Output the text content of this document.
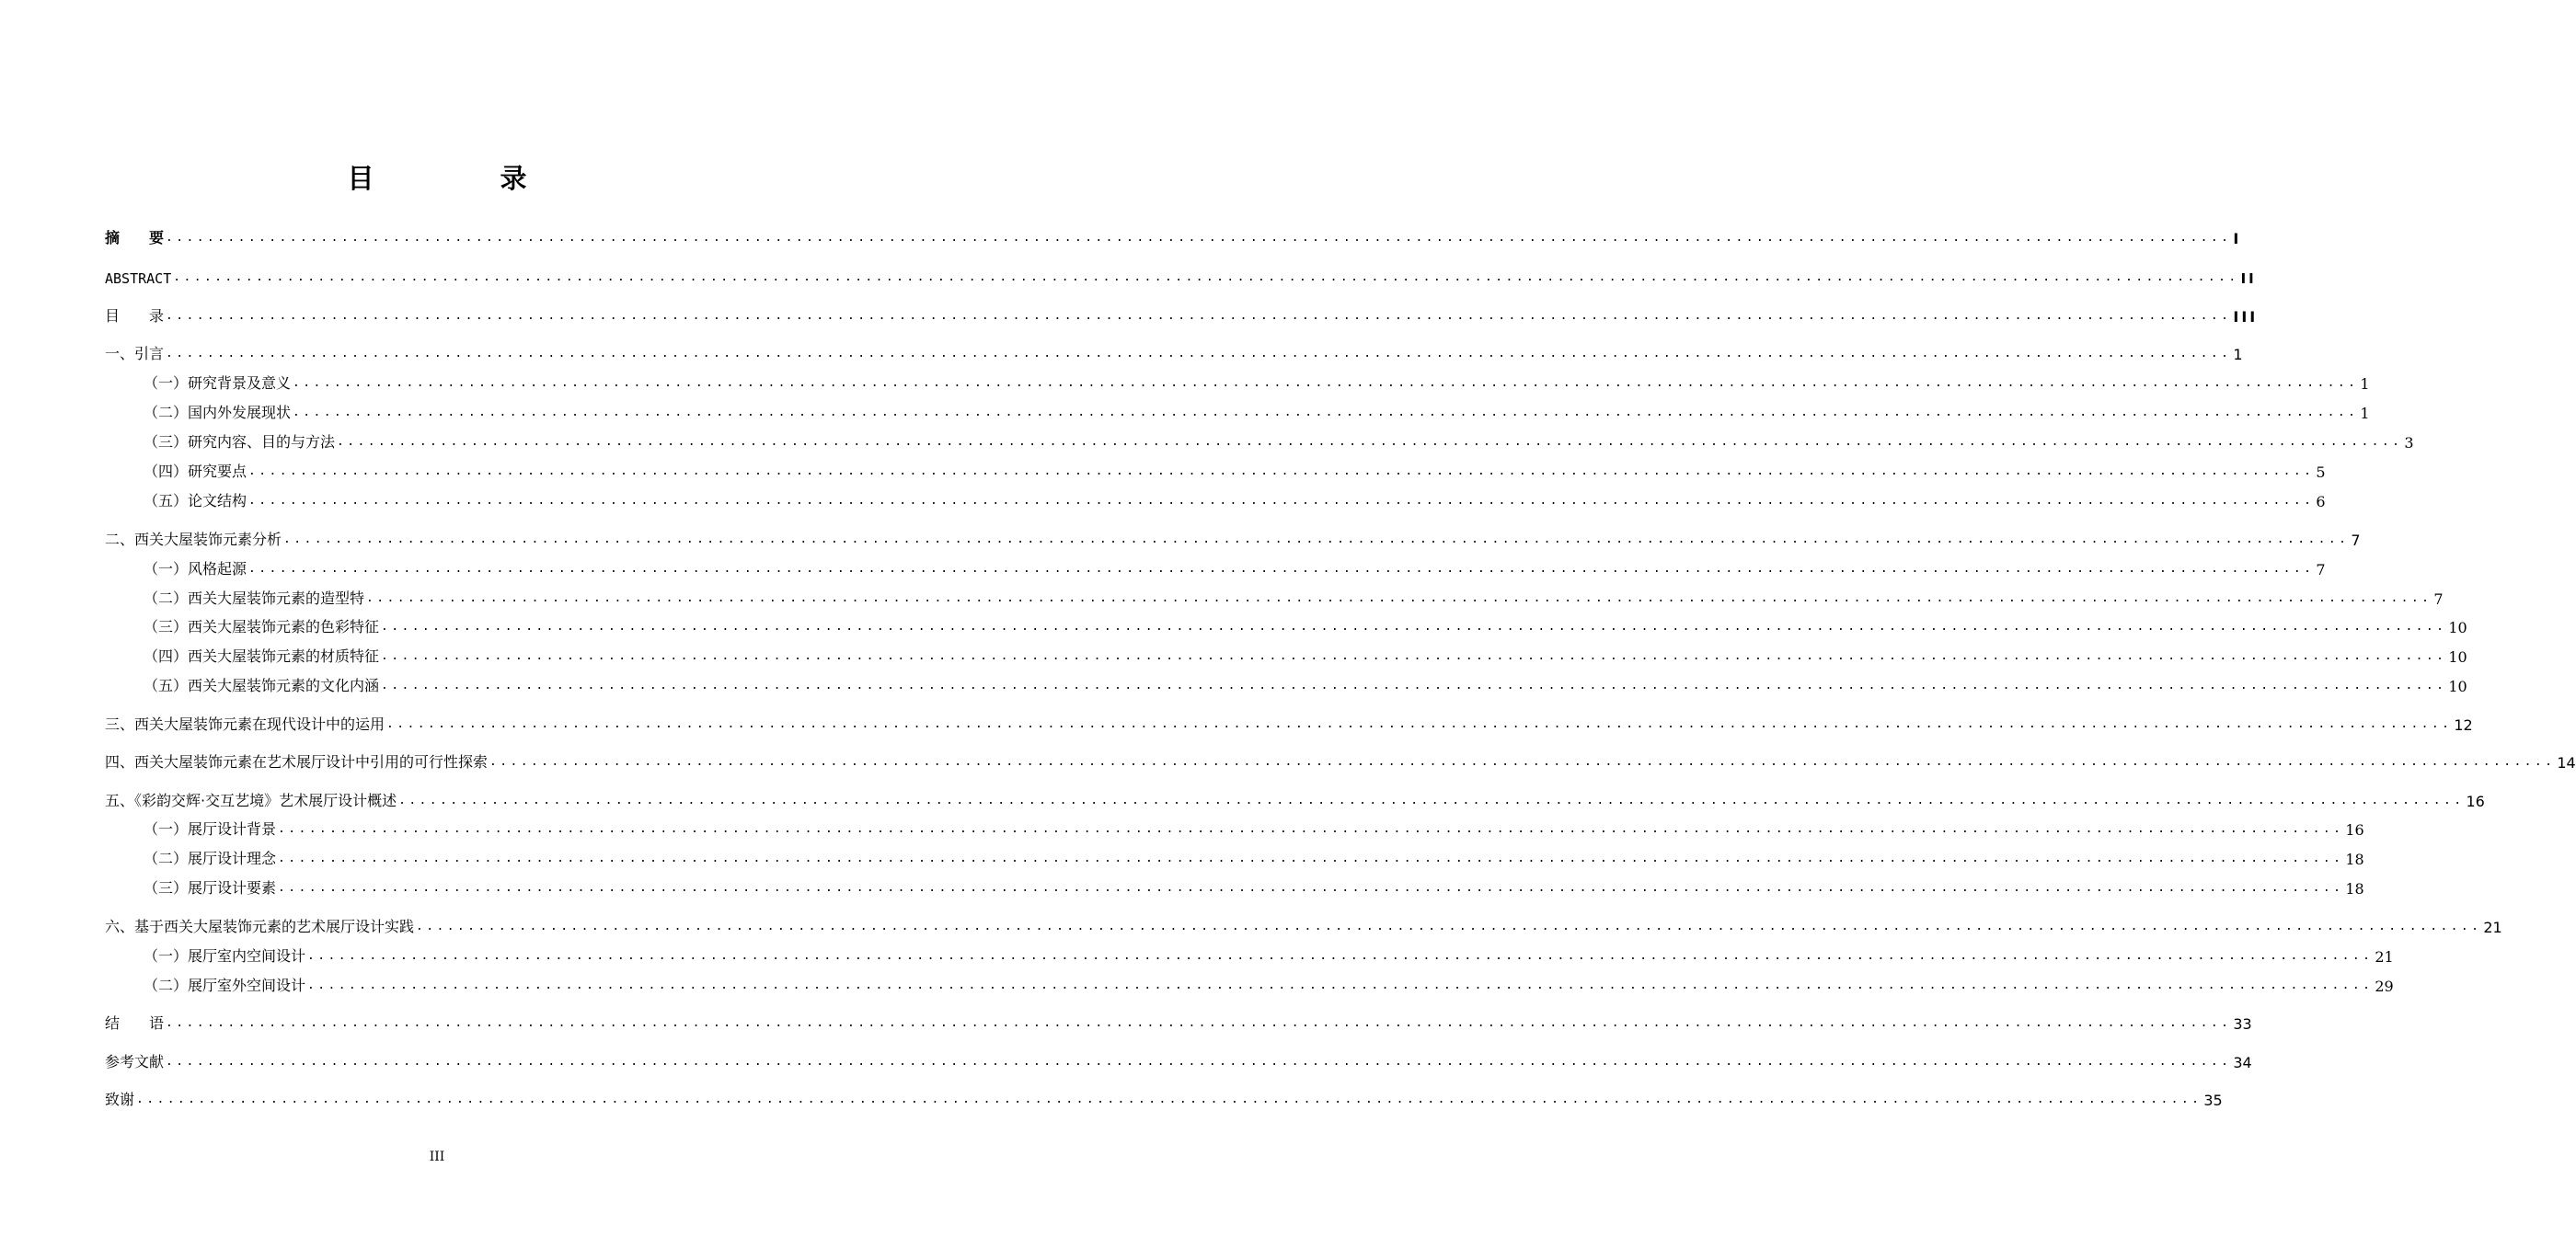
目　录
摘　　要 ........................................................................................................................................................................................................ I
ABSTRACT ........................................................................................................................................................................................................ II
目　　录 ........................................................................................................................................................................................................ III
一、引言 ........................................................................................................................................................................................................ 1
（一）研究背景及意义 ........................................................................................................................................................................................................ 1
（二）国内外发展现状 ........................................................................................................................................................................................................ 1
（三）研究内容、目的与方法 ........................................................................................................................................................................................................ 3
（四）研究要点 ........................................................................................................................................................................................................ 5
（五）论文结构 ........................................................................................................................................................................................................ 6
二、西关大屋装饰元素分析 ........................................................................................................................................................................................................ 7
（一）风格起源 ........................................................................................................................................................................................................ 7
（二）西关大屋装饰元素的造型特 ........................................................................................................................................................................................................ 7
（三）西关大屋装饰元素的色彩特征 ........................................................................................................................................................................................................ 10
（四）西关大屋装饰元素的材质特征 ........................................................................................................................................................................................................ 10
（五）西关大屋装饰元素的文化内涵 ........................................................................................................................................................................................................ 10
三、西关大屋装饰元素在现代设计中的运用 ........................................................................................................................................................................................................ 12
四、西关大屋装饰元素在艺术展厅设计中引用的可行性探索 ........................................................................................................................................................................................................ 14
五、《彩韵交辉·交互艺境》艺术展厅设计概述 ........................................................................................................................................................................................................ 16
（一）展厅设计背景 ........................................................................................................................................................................................................ 16
（二）展厅设计理念 ........................................................................................................................................................................................................ 18
（三）展厅设计要素 ........................................................................................................................................................................................................ 18
六、基于西关大屋装饰元素的艺术展厅设计实践 ........................................................................................................................................................................................................ 21
（一）展厅室内空间设计 ........................................................................................................................................................................................................ 21
（二）展厅室外空间设计 ........................................................................................................................................................................................................ 29
结　　语 ........................................................................................................................................................................................................ 33
参考文献 ........................................................................................................................................................................................................ 34
致谢 ........................................................................................................................................................................................................ 35
III
